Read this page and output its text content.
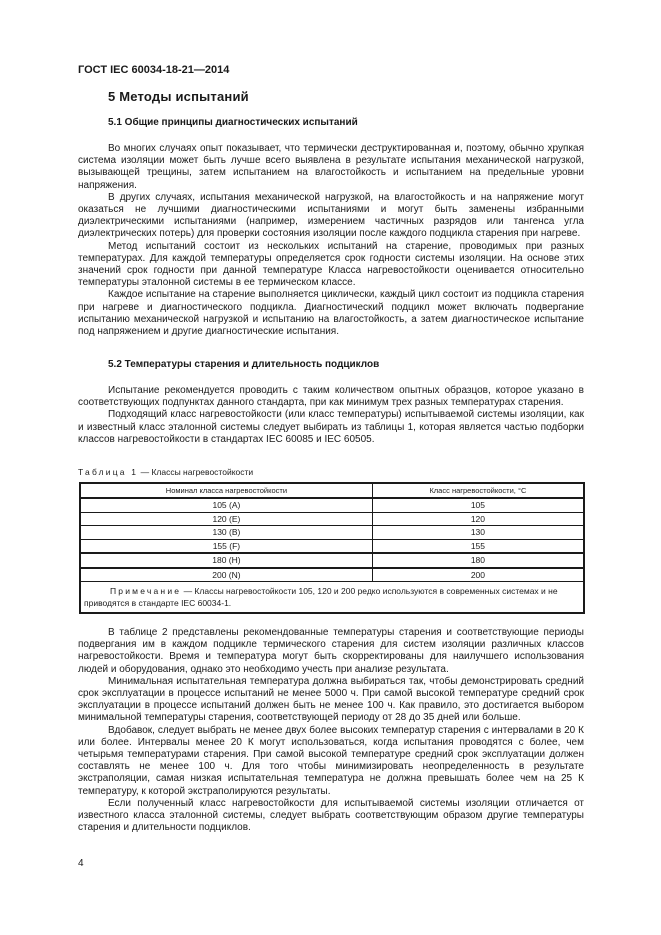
ГОСТ IEC 60034-18-21—2014
5 Методы испытаний
5.1 Общие принципы диагностических испытаний

Во многих случаях опыт показывает, что термически деструктированная и, поэтому, обычно хрупкая система изоляции может быть лучше всего выявлена в результате испытания механической нагрузкой, вызывающей трещины, затем испытанием на влагостойкость и испытанием на предельные уровни напряжения.

В других случаях, испытания механической нагрузкой, на влагостойкость и на напряжение могут оказаться не лучшими диагностическими испытаниями и могут быть заменены избранными диэлектрическими испытаниями (например, измерением частичных разрядов или тангенса угла диэлектрических потерь) для проверки состояния изоляции после каждого подцикла старения при нагреве.

Метод испытаний состоит из нескольких испытаний на старение, проводимых при разных температурах. Для каждой температуры определяется срок годности системы изоляции. На основе этих значений срок годности при данной температуре Класса нагревостойкости оценивается относительно температуры эталонной системы в ее термическом классе.

Каждое испытание на старение выполняется циклически, каждый цикл состоит из подцикла старения при нагреве и диагностического подцикла. Диагностический подцикл может включать подвергание испытанию механической нагрузкой и испытанию на влагостойкость, а затем диагностическое испытание под напряжением и другие диагностические испытания.

5.2 Температуры старения и длительность подциклов

Испытание рекомендуется проводить с таким количеством опытных образцов, которое указано в соответствующих подпунктах данного стандарта, при как минимум трех разных температурах старения.

Подходящий класс нагревостойкости (или класс температуры) испытываемой системы изоляции, как и известный класс эталонной системы следует выбирать из таблицы 1, которая является частью подборки классов нагревостойкости в стандартах IEC 60085 и IEC 60505.

Таблица 1 — Классы нагревостойкости
Номинал класса нагревостойкости	Класс нагревостойкости, °С
105 (A)	105
120 (E)	120
130 (B)	130
155 (F)	155
180 (H)	180
200 (N)	200
Примечание — Классы нагревостойкости 105, 120 и 200 редко используются в современных системах и не приводятся в стандарте IEC 60034-1.	

В таблице 2 представлены рекомендованные температуры старения и соответствующие периоды подвергания им в каждом подцикле термического старения для систем изоляции различных классов нагревостойкости. Время и температура могут быть скорректированы для наилучшего использования людей и оборудования, однако это необходимо учесть при анализе результата.

Минимальная испытательная температура должна выбираться так, чтобы демонстрировать средний срок эксплуатации в процессе испытаний не менее 5000 ч. При самой высокой температуре средний срок эксплуатации в процессе испытаний должен быть не менее 100 ч. Как правило, это достигается выбором минимальной температуры старения, соответствующей периоду от 28 до 35 дней или больше.

Вдобавок, следует выбрать не менее двух более высоких температур старения с интервалами в 20 К или более. Интервалы менее 20 К могут использоваться, когда испытания проводятся с более, чем четырьмя температурами старения. При самой высокой температуре средний срок эксплуатации должен составлять не менее 100 ч. Для того чтобы минимизировать неопределенность в результате экстраполяции, самая низкая испытательная температура не должна превышать более чем на 25 К температуру, к которой экстраполируются результаты.

Если полученный класс нагревостойкости для испытываемой системы изоляции отличается от известного класса эталонной системы, следует выбрать соответствующим образом другие температуры старения и длительности подциклов.

4
